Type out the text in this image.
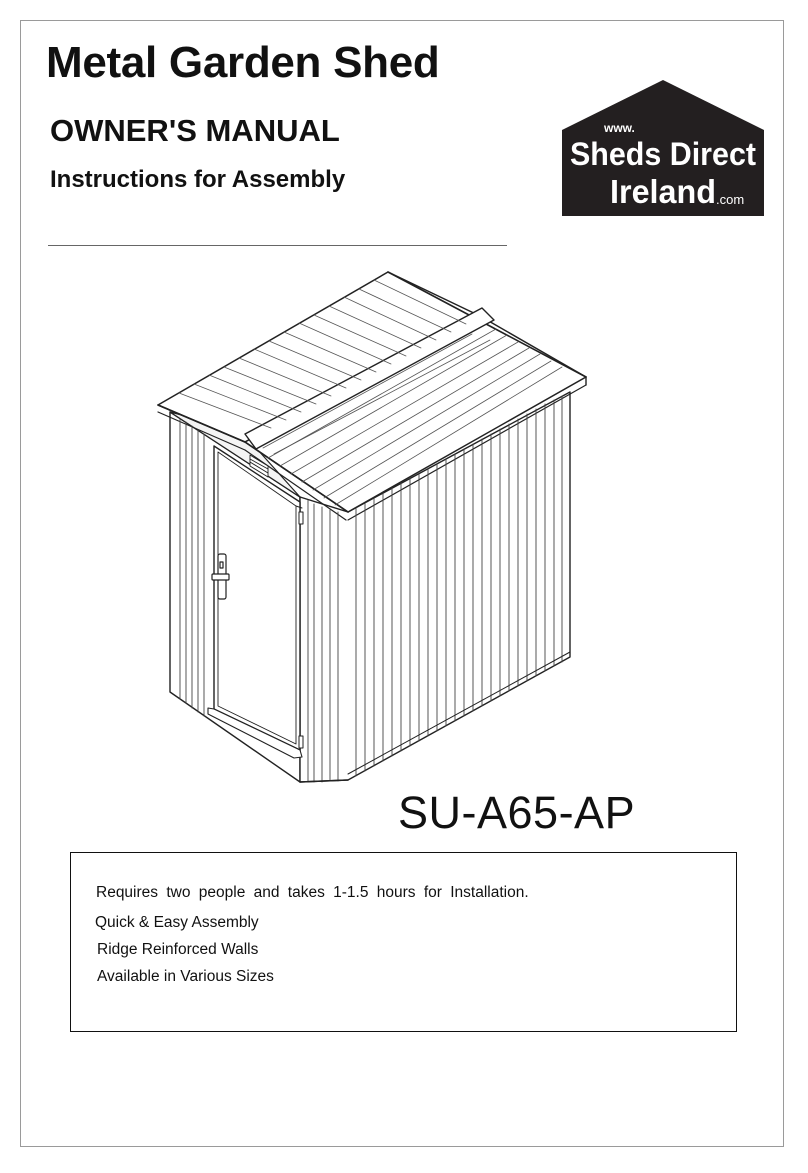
Metal Garden Shed
OWNER'S MANUAL
Instructions for Assembly
www.
Sheds Direct
Ireland .com
SU-A65-AP
Requires two people and takes 1-1.5 hours for Installation.
Quick & Easy Assembly
Ridge Reinforced Walls
Available in Various Sizes
